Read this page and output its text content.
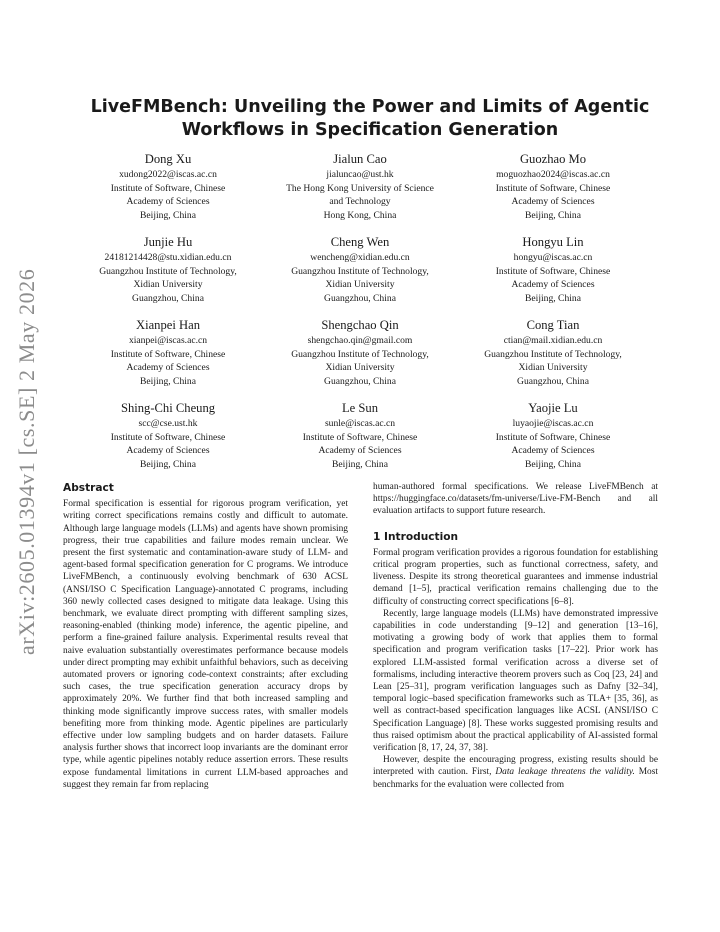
arXiv:2605.01394v1 [cs.SE] 2 May 2026
LiveFMBench: Unveiling the Power and Limits of Agentic Workflows in Specification Generation
Dong Xu
xudong2022@iscas.ac.cn
Institute of Software, Chinese
Academy of Sciences
Beijing, China
Jialun Cao
jialuncao@ust.hk
The Hong Kong University of Science
and Technology
Hong Kong, China
Guozhao Mo
moguozhao2024@iscas.ac.cn
Institute of Software, Chinese
Academy of Sciences
Beijing, China
Junjie Hu
24181214428@stu.xidian.edu.cn
Guangzhou Institute of Technology,
Xidian University
Guangzhou, China
Cheng Wen
wencheng@xidian.edu.cn
Guangzhou Institute of Technology,
Xidian University
Guangzhou, China
Hongyu Lin
hongyu@iscas.ac.cn
Institute of Software, Chinese
Academy of Sciences
Beijing, China
Xianpei Han
xianpei@iscas.ac.cn
Institute of Software, Chinese
Academy of Sciences
Beijing, China
Shengchao Qin
shengchao.qin@gmail.com
Guangzhou Institute of Technology,
Xidian University
Guangzhou, China
Cong Tian
ctian@mail.xidian.edu.cn
Guangzhou Institute of Technology,
Xidian University
Guangzhou, China
Shing-Chi Cheung
scc@cse.ust.hk
Institute of Software, Chinese
Academy of Sciences
Beijing, China
Le Sun
sunle@iscas.ac.cn
Institute of Software, Chinese
Academy of Sciences
Beijing, China
Yaojie Lu
luyaojie@iscas.ac.cn
Institute of Software, Chinese
Academy of Sciences
Beijing, China
Abstract

Formal specification is essential for rigorous program verification, yet writing correct specifications remains costly and difficult to automate. Although large language models (LLMs) and agents have shown promising progress, their true capabilities and failure modes remain unclear. We present the first systematic and contamination-aware study of LLM- and agent-based formal specification generation for C programs. We introduce LiveFMBench, a continuously evolving benchmark of 630 ACSL (ANSI/ISO C Specification Language)-annotated C programs, including 360 newly collected cases designed to mitigate data leakage. Using this benchmark, we evaluate direct prompting with different sampling sizes, reasoning-enabled (thinking mode) inference, the agentic pipeline, and perform a fine-grained failure analysis. Experimental results reveal that naive evaluation substantially overestimates performance because models under direct prompting may exhibit unfaithful behaviors, such as deceiving automated provers or ignoring code-context constraints; after excluding such cases, the true specification generation accuracy drops by approximately 20%. We further find that both increased sampling and thinking mode significantly improve success rates, with smaller models benefiting more from thinking mode. Agentic pipelines are particularly effective under low sampling budgets and on harder datasets. Failure analysis further shows that incorrect loop invariants are the dominant error type, while agentic pipelines notably reduce assertion errors. These results expose fundamental limitations in current LLM-based approaches and suggest they remain far from replacing

human-authored formal specifications. We release LiveFMBench at https://huggingface.co/datasets/fm-universe/Live-FM-Bench and all evaluation artifacts to support future research.

1 Introduction

Formal program verification provides a rigorous foundation for establishing critical program properties, such as functional correctness, safety, and liveness. Despite its strong theoretical guarantees and immense industrial demand [1–5], practical verification remains challenging due to the difficulty of constructing correct specifications [6–8].

Recently, large language models (LLMs) have demonstrated impressive capabilities in code understanding [9–12] and generation [13–16], motivating a growing body of work that applies them to formal specification and program verification tasks [17–22]. Prior work has explored LLM-assisted formal verification across a diverse set of formalisms, including interactive theorem provers such as Coq [23, 24] and Lean [25–31], program verification languages such as Dafny [32–34], temporal logic–based specification frameworks such as TLA+ [35, 36], as well as contract-based specification languages like ACSL (ANSI/ISO C Specification Language) [8]. These works suggested promising results and thus raised optimism about the practical applicability of AI-assisted formal verification [8, 17, 24, 37, 38].

However, despite the encouraging progress, existing results should be interpreted with caution. First, Data leakage threatens the validity. Most benchmarks for the evaluation were collected from
